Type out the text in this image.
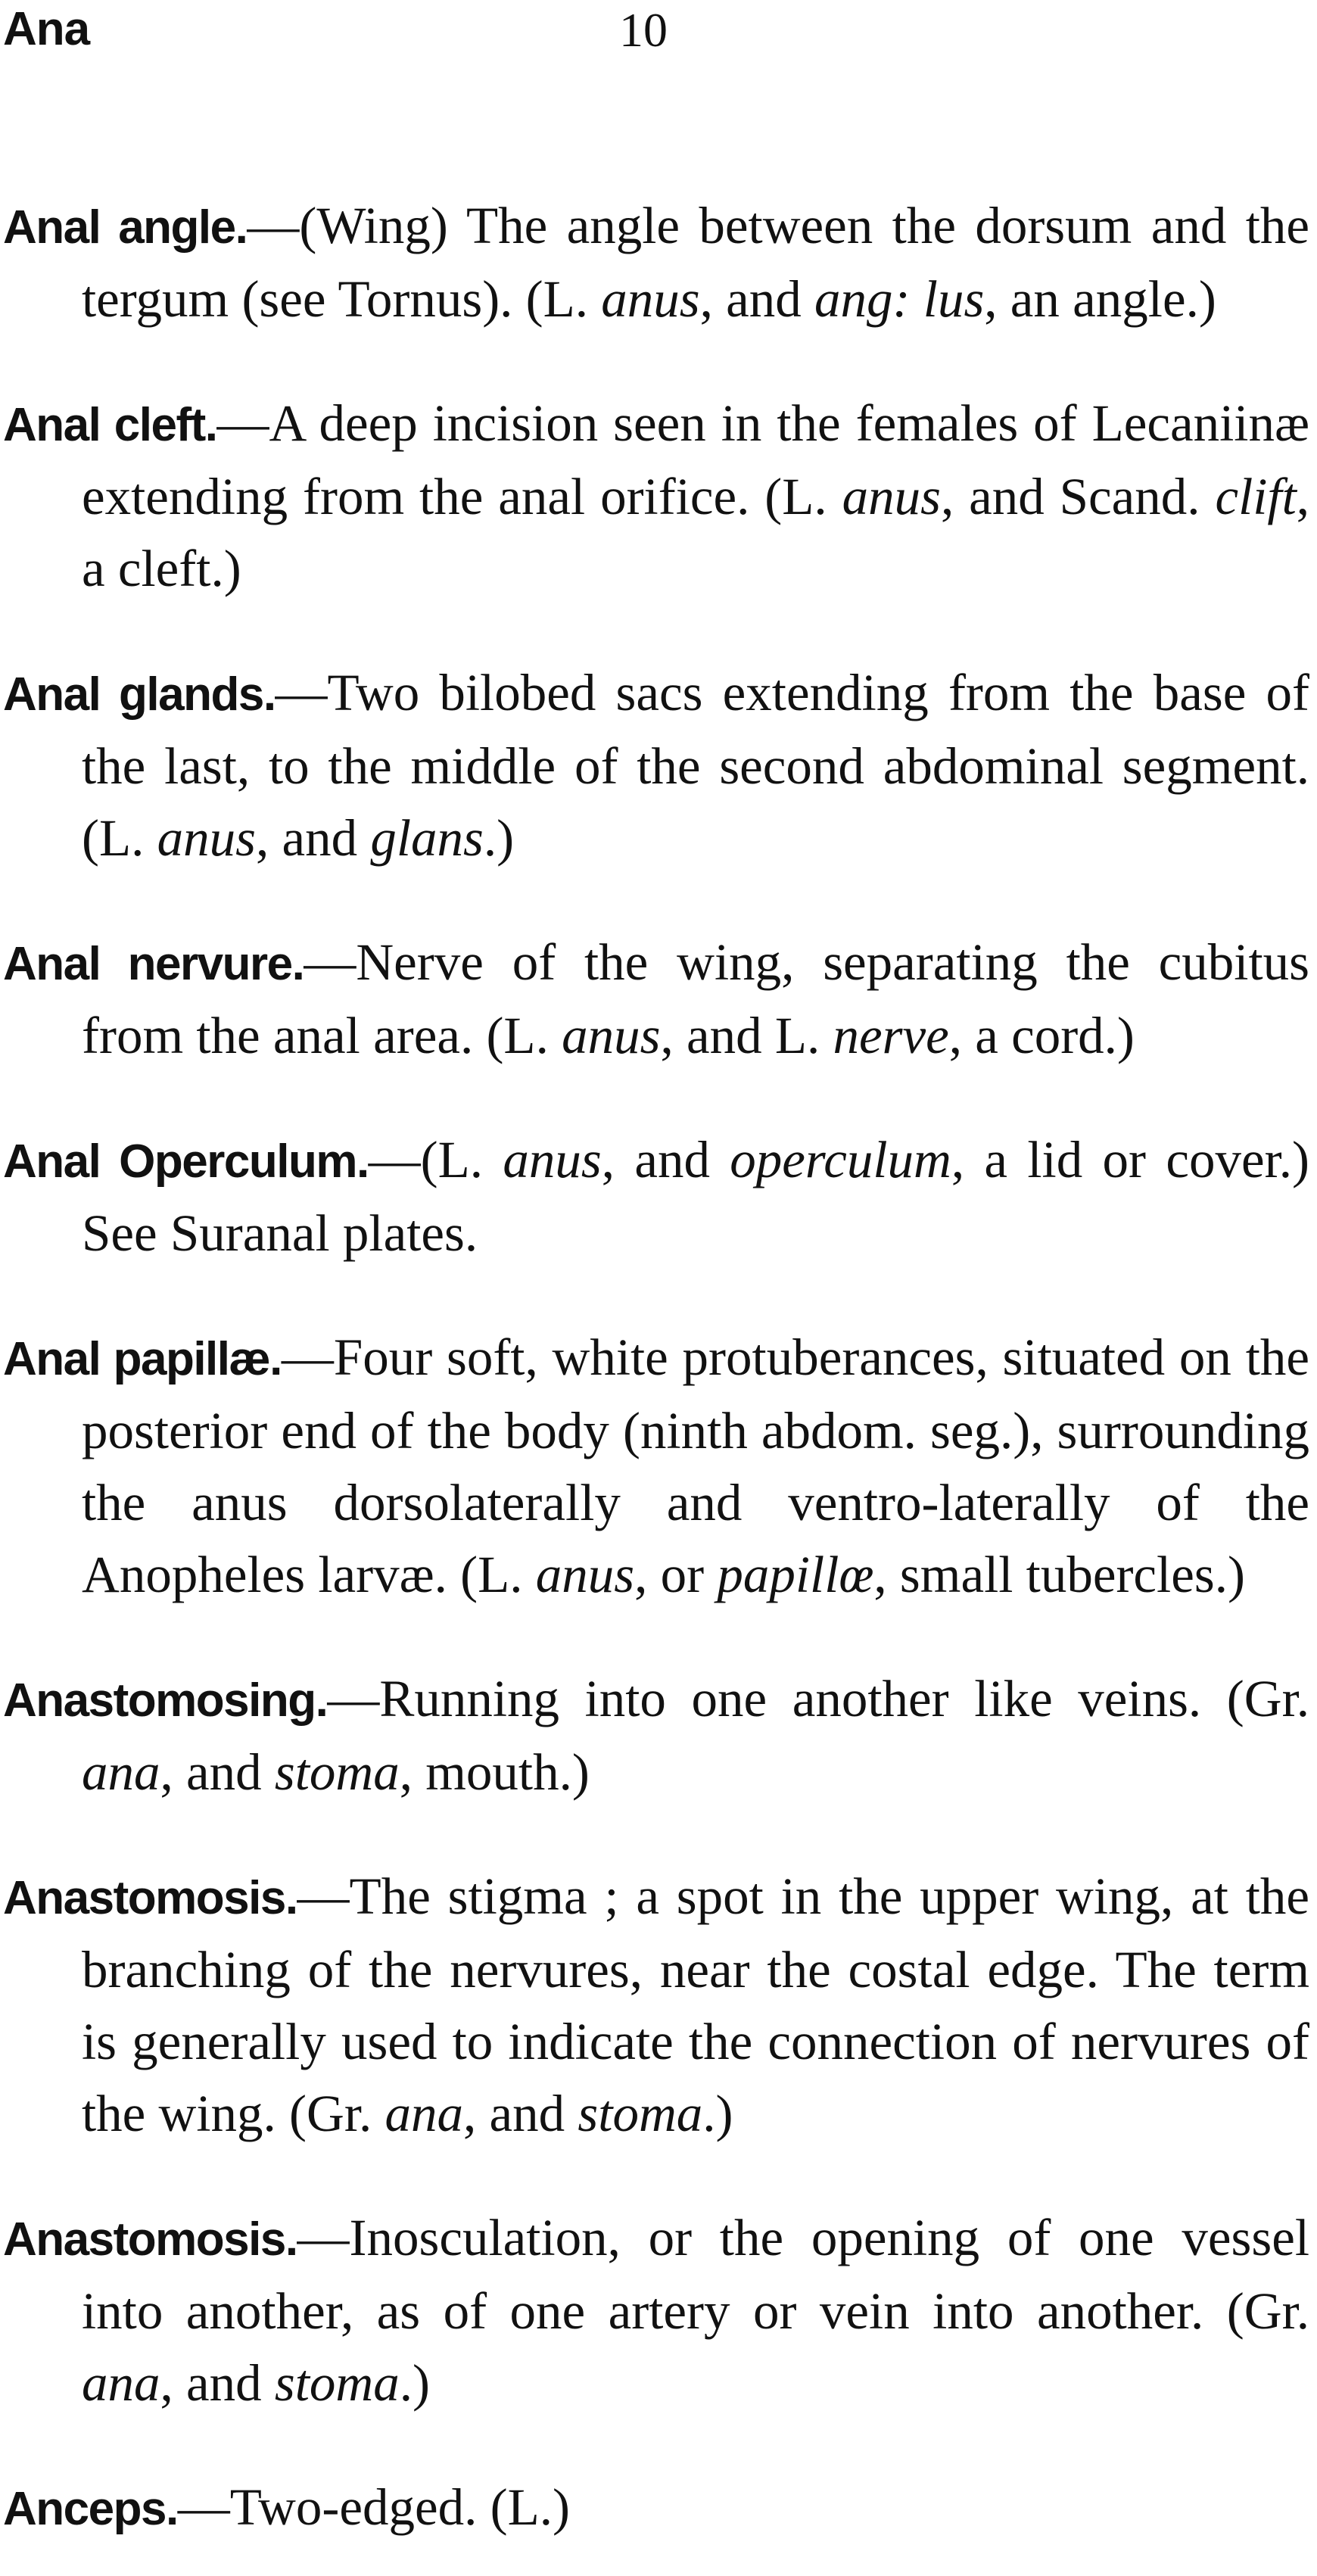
Ana	10

Anal angle.—(Wing) The angle between the dorsum and the tergum (see Tornus). (L. anus, and ang: lus, an angle.)

Anal cleft.—A deep incision seen in the females of Lecaniinæ extending from the anal orifice. (L. anus, and Scand. clift, a cleft.)

Anal glands.—Two bilobed sacs extending from the base of the last, to the middle of the second abdominal segment. (L. anus, and glans.)

Anal nervure.—Nerve of the wing, separating the cubitus from the anal area. (L. anus, and L. nerve, a cord.)

Anal Operculum.—(L. anus, and operculum, a lid or cover.) See Suranal plates.

Anal papillæ.—Four soft, white protuberances, situated on the posterior end of the body (ninth abdom. seg.), surrounding the anus dorsolaterally and ventro-laterally of the Anopheles larvæ. (L. anus, or papillœ, small tubercles.)

Anastomosing.—Running into one another like veins. (Gr. ana, and stoma, mouth.)

Anastomosis.—The stigma ; a spot in the upper wing, at the branching of the nervures, near the costal edge. The term is generally used to indicate the connection of nervures of the wing. (Gr. ana, and stoma.)

Anastomosis.—Inosculation, or the opening of one vessel into another, as of one artery or vein into another. (Gr. ana, and stoma.)

Anceps.—Two-edged. (L.)
